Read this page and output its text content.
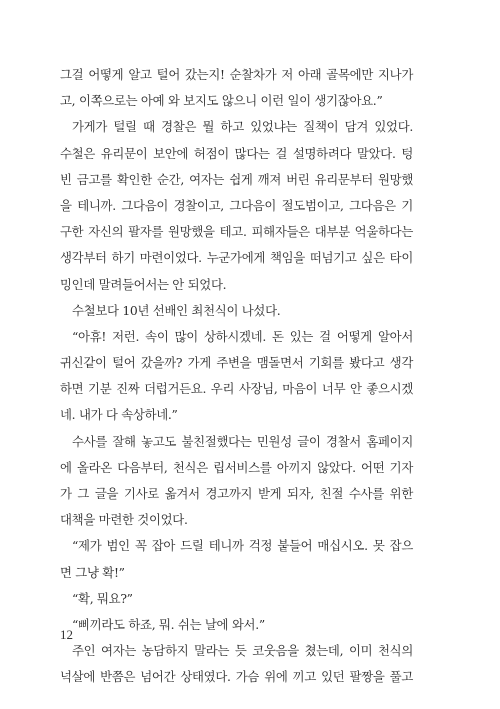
그걸 어떻게 알고 털어 갔는지! 순찰차가 저 아래 골목에만 지나가
고, 이쪽으로는 아예 와 보지도 않으니 이런 일이 생기잖아요.”
가게가 털릴 때 경찰은 뭘 하고 있었냐는 질책이 담겨 있었다.
수철은 유리문이 보안에 허점이 많다는 걸 설명하려다 말았다. 텅
빈 금고를 확인한 순간, 여자는 쉽게 깨져 버린 유리문부터 원망했
을 테니까. 그다음이 경찰이고, 그다음이 절도범이고, 그다음은 기
구한 자신의 팔자를 원망했을 테고. 피해자들은 대부분 억울하다는
생각부터 하기 마련이었다. 누군가에게 책임을 떠넘기고 싶은 타이
밍인데 말려들어서는 안 되었다.
수철보다 10년 선배인 최천식이 나섰다.
“아휴! 저런. 속이 많이 상하시겠네. 돈 있는 걸 어떻게 알아서
귀신같이 털어 갔을까? 가게 주변을 맴돌면서 기회를 봤다고 생각
하면 기분 진짜 더럽거든요. 우리 사장님, 마음이 너무 안 좋으시겠
네. 내가 다 속상하네.”
수사를 잘해 놓고도 불친절했다는 민원성 글이 경찰서 홈페이지
에 올라온 다음부터, 천식은 립서비스를 아끼지 않았다. 어떤 기자
가 그 글을 기사로 옮겨서 경고까지 받게 되자, 친절 수사를 위한
대책을 마련한 것이었다.
“제가 범인 꼭 잡아 드릴 테니까 걱정 붙들어 매십시오. 못 잡으
면 그냥 확!”
“확, 뭐요?”
“삐끼라도 하죠, 뭐. 쉬는 날에 와서.”
주인 여자는 농담하지 말라는 듯 코웃음을 쳤는데, 이미 천식의
넉살에 반쯤은 넘어간 상태였다. 가슴 위에 끼고 있던 팔짱을 풀고
12
